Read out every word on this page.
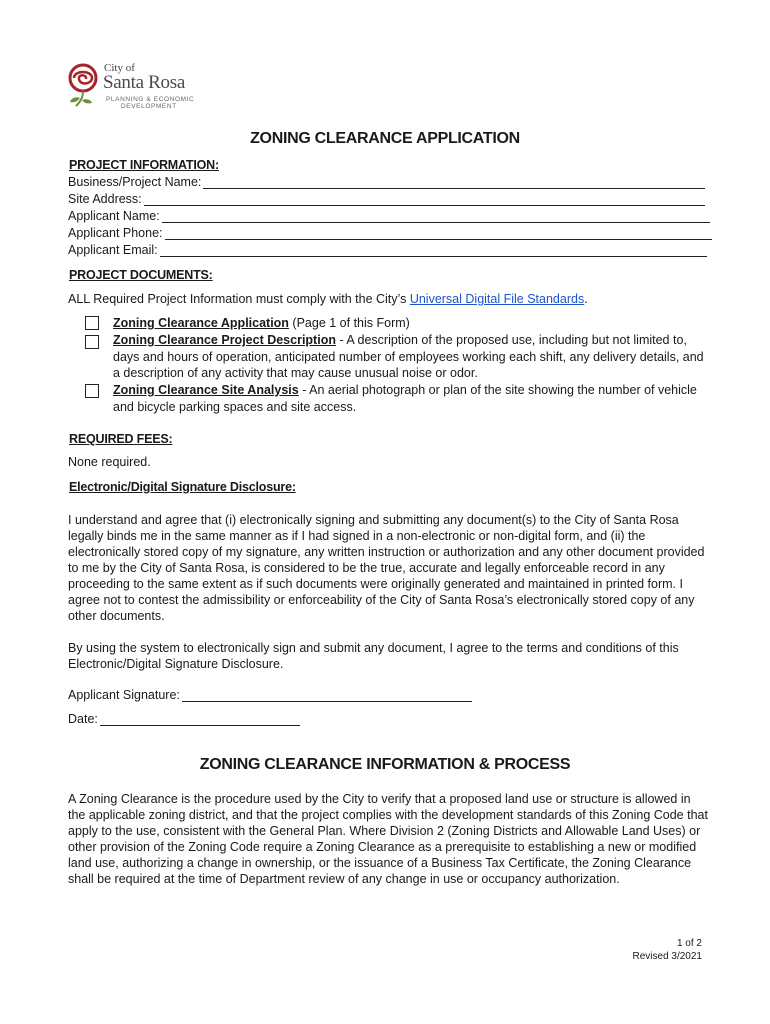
City of
Santa Rosa
PLANNING & ECONOMIC
DEVELOPMENT
ZONING CLEARANCE APPLICATION
PROJECT INFORMATION:
Business/Project Name:
Site Address:
Applicant Name:
Applicant Phone:
Applicant Email:
PROJECT DOCUMENTS:
ALL Required Project Information must comply with the City’s Universal Digital File Standards.
Zoning Clearance Application (Page 1 of this Form)
Zoning Clearance Project Description - A description of the proposed use, including but not limited to, days and hours of operation, anticipated number of employees working each shift, any delivery details, and a description of any activity that may cause unusual noise or odor.
Zoning Clearance Site Analysis - An aerial photograph or plan of the site showing the number of vehicle and bicycle parking spaces and site access.
REQUIRED FEES:
None required.
Electronic/Digital Signature Disclosure:
I understand and agree that (i) electronically signing and submitting any document(s) to the City of Santa Rosa legally binds me in the same manner as if I had signed in a non-electronic or non-digital form, and (ii) the electronically stored copy of my signature, any written instruction or authorization and any other document provided to me by the City of Santa Rosa, is considered to be the true, accurate and legally enforceable record in any proceeding to the same extent as if such documents were originally generated and maintained in printed form. I agree not to contest the admissibility or enforceability of the City of Santa Rosa’s electronically stored copy of any other documents.
By using the system to electronically sign and submit any document, I agree to the terms and conditions of this Electronic/Digital Signature Disclosure.
Applicant Signature:
Date:
ZONING CLEARANCE INFORMATION & PROCESS
A Zoning Clearance is the procedure used by the City to verify that a proposed land use or structure is allowed in the applicable zoning district, and that the project complies with the development standards of this Zoning Code that apply to the use, consistent with the General Plan. Where Division 2 (Zoning Districts and Allowable Land Uses) or other provision of the Zoning Code require a Zoning Clearance as a prerequisite to establishing a new or modified land use, authorizing a change in ownership, or the issuance of a Business Tax Certificate, the Zoning Clearance shall be required at the time of Department review of any change in use or occupancy authorization.
1 of 2
Revised 3/2021
